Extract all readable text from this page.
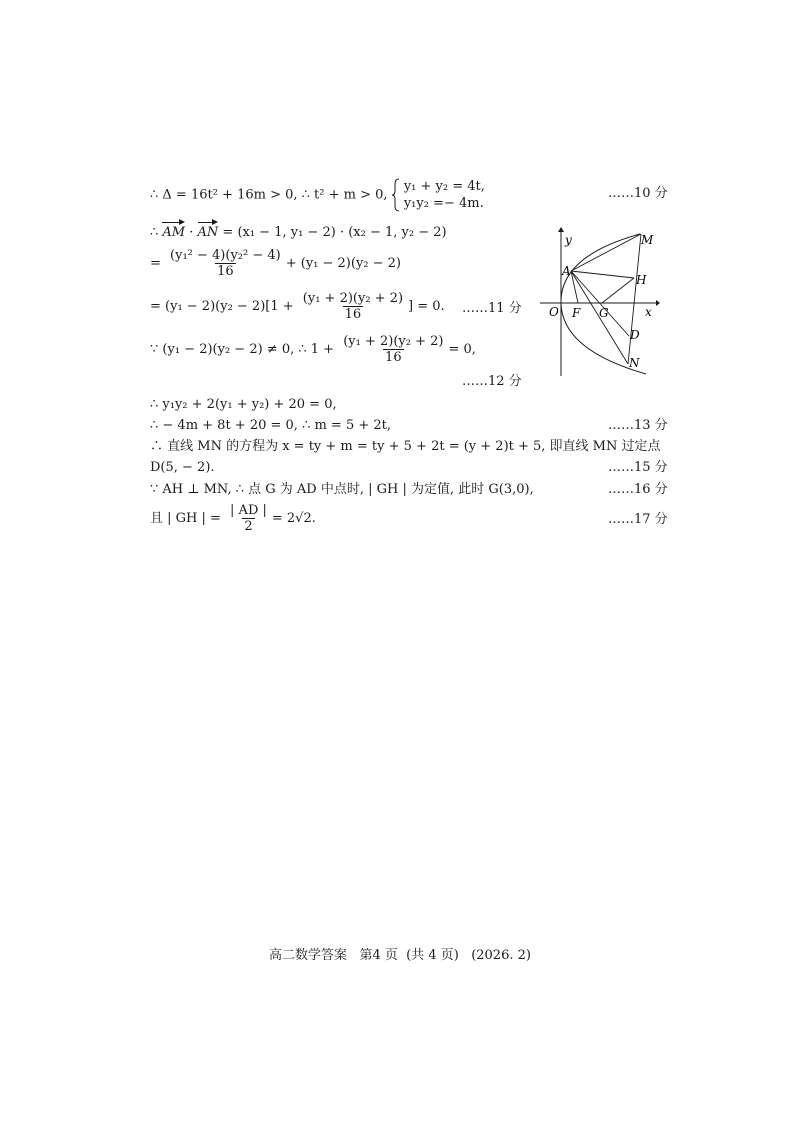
∴ Δ = 16t² + 16m > 0, ∴ t² + m > 0,
y₁ + y₂ = 4t,
y₁y₂ =− 4m.
……10 分
∴ AM · AN = (x₁ − 1, y₁ − 2) · (x₂ − 1, y₂ − 2)
= $\frac{\text{(y₁² − 4)(y₂² − 4)}}{16} + (y_1 - 2)(y_2 - 2)$
= $(y_1 - 2)(y_2 - 2)[1 + \frac{\text{(y₁ + 2)(y₂ + 2)}}{16}$ ] = 0. ……11 分
∵ (y₁ − 2)(y₂ − 2) ≠ 0, ∴ $1 + \frac{\text{(y₁ + 2)(y₂ + 2)}}{16} = 0$,
……12 分
∴ y₁y₂ + 2(y₁ + y₂) + 20 = 0,
∴ − 4m + 8t + 20 = 0, ∴ m = 5 + 2t,	……13 分
∴ 直线 MN 的方程为 x = ty + m = ty + 5 + 2t = (y + 2)t + 5, 即直线 MN 过定点
D(5, − 2).	……15 分
∵ AH ⊥ MN, ∴ 点 G 为 AD 中点时, | GH | 为定值, 此时 G(3,0),	……16 分
且 | GH | = $\frac{| AD |}{2} = 2√2$.	……17 分
y
x
O F G
A
M
H
D
N
高二数学答案   第4 页  (共 4 页)   (2026. 2)
